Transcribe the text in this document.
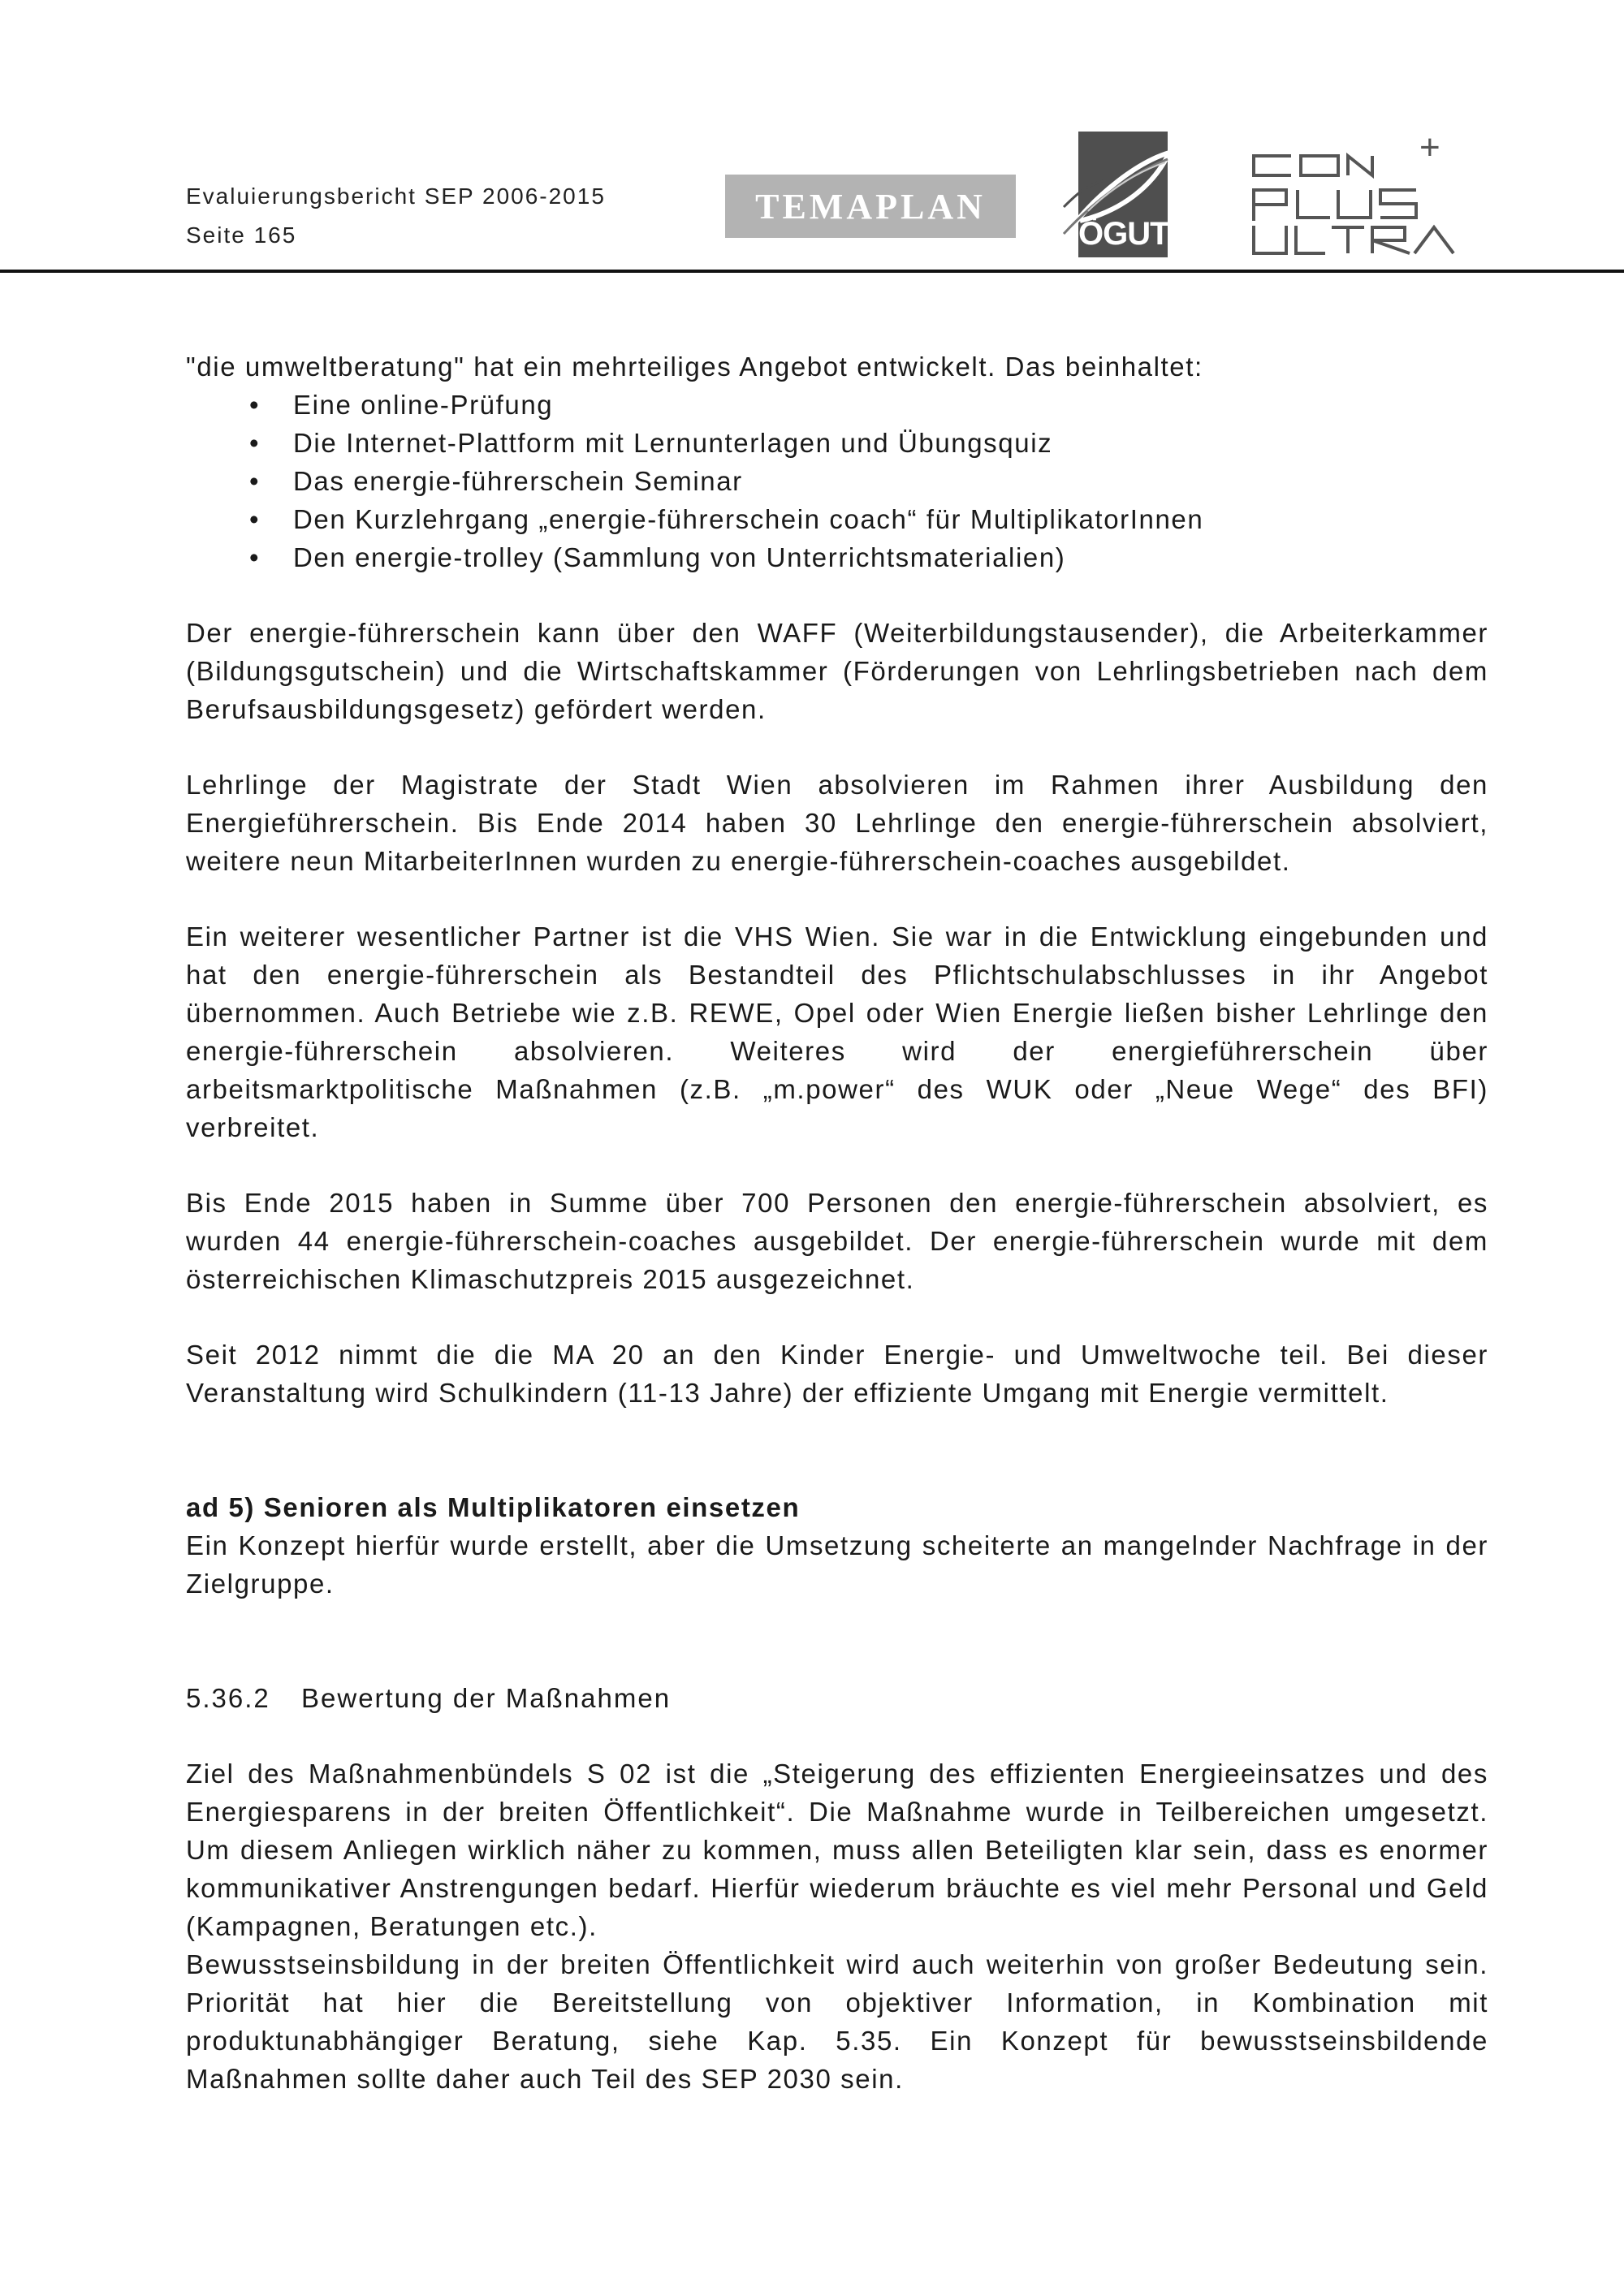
Evaluierungsbericht SEP 2006-2015
Seite 165
TEMAPLAN
ÖGUT
+

"die umweltberatung" hat ein mehrteiliges Angebot entwickelt. Das beinhaltet:

• Eine online-Prüfung
• Die Internet-Plattform mit Lernunterlagen und Übungsquiz
• Das energie-führerschein Seminar
• Den Kurzlehrgang „energie-führerschein coach“ für MultiplikatorInnen
• Den energie-trolley (Sammlung von Unterrichtsmaterialien)

Der energie-führerschein kann über den WAFF (Weiterbildungstausender), die Arbeiterkammer (Bildungsgutschein) und die Wirtschaftskammer (Förderungen von Lehrlingsbetrieben nach dem Berufsausbildungsgesetz) gefördert werden.

Lehrlinge der Magistrate der Stadt Wien absolvieren im Rahmen ihrer Ausbildung den Energieführerschein. Bis Ende 2014 haben 30 Lehrlinge den energie-führerschein absolviert, weitere neun MitarbeiterInnen wurden zu energie-führerschein-coaches ausgebildet.

Ein weiterer wesentlicher Partner ist die VHS Wien. Sie war in die Entwicklung eingebunden und hat den energie-führerschein als Bestandteil des Pflichtschulabschlusses in ihr Angebot übernommen. Auch Betriebe wie z.B. REWE, Opel oder Wien Energie ließen bisher Lehrlinge den energie-führerschein absolvieren. Weiteres wird der energieführerschein über arbeitsmarktpolitische Maßnahmen (z.B. „m.power“ des WUK oder „Neue Wege“ des BFI) verbreitet.

Bis Ende 2015 haben in Summe über 700 Personen den energie-führerschein absolviert, es wurden 44 energie-führerschein-coaches ausgebildet. Der energie-führerschein wurde mit dem österreichischen Klimaschutzpreis 2015 ausgezeichnet.

Seit 2012 nimmt die die MA 20 an den Kinder Energie- und Umweltwoche teil. Bei dieser Veranstaltung wird Schulkindern (11-13 Jahre) der effiziente Umgang mit Energie vermittelt.

ad 5) Senioren als Multiplikatoren einsetzen

Ein Konzept hierfür wurde erstellt, aber die Umsetzung scheiterte an mangelnder Nachfrage in der Zielgruppe.

5.36.2 Bewertung der Maßnahmen

Ziel des Maßnahmenbündels S 02 ist die „Steigerung des effizienten Energieeinsatzes und des Energiesparens in der breiten Öffentlichkeit“. Die Maßnahme wurde in Teilbereichen umgesetzt. Um diesem Anliegen wirklich näher zu kommen, muss allen Beteiligten klar sein, dass es enormer kommunikativer Anstrengungen bedarf. Hierfür wiederum bräuchte es viel mehr Personal und Geld (Kampagnen, Beratungen etc.).

Bewusstseinsbildung in der breiten Öffentlichkeit wird auch weiterhin von großer Bedeutung sein. Priorität hat hier die Bereitstellung von objektiver Information, in Kombination mit produktunabhängiger Beratung, siehe Kap. 5.35. Ein Konzept für bewusstseinsbildende Maßnahmen sollte daher auch Teil des SEP 2030 sein.
